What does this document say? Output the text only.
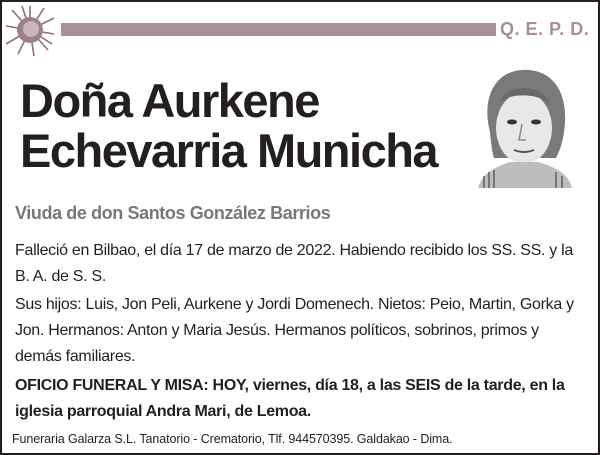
Q. E. P. D.
Doña Aurkene
Echevarria Municha
Viuda de don Santos González Barrios
Falleció en Bilbao, el día 17 de marzo de 2022. Habiendo recibido los SS. SS. y la B. A. de S. S.
Sus hijos: Luis, Jon Peli, Aurkene y Jordi Domenech. Nietos: Peio, Martin, Gorka y Jon. Hermanos: Anton y Maria Jesús. Hermanos políticos, sobrinos, primos y demás familiares.
OFICIO FUNERAL Y MISA: HOY, viernes, día 18, a las SEIS de la tarde, en la iglesia parroquial Andra Mari, de Lemoa.
Funeraria Galarza S.L. Tanatorio - Crematorio, Tlf. 944570395. Galdakao - Dima.
